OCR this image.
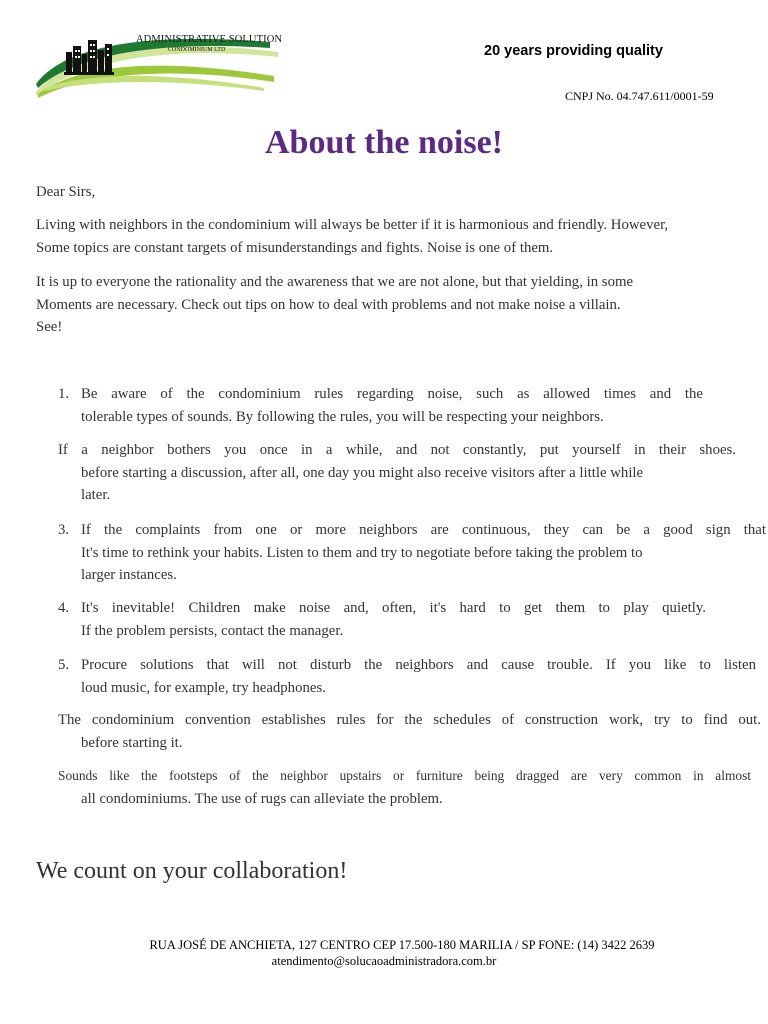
ADMINISTRATIVE SOLUTION
CONDOMINIUM LTD	20 years providing quality
CNPJ No. 04.747.611/0001-59
About the noise!
Dear Sirs,
Living with neighbors in the condominium will always be better if it is harmonious and friendly. However,
Some topics are constant targets of misunderstandings and fights. Noise is one of them.
It is up to everyone the rationality and the awareness that we are not alone, but that yielding, in some
Moments are necessary. Check out tips on how to deal with problems and not make noise a villain.
See!
1. Be aware of the condominium rules regarding noise, such as allowed times and the
tolerable types of sounds. By following the rules, you will be respecting your neighbors.
If a neighbor bothers you once in a while, and not constantly, put yourself in their shoes.
before starting a discussion, after all, one day you might also receive visitors after a little while
later.
3. If the complaints from one or more neighbors are continuous, they can be a good sign that
It's time to rethink your habits. Listen to them and try to negotiate before taking the problem to
larger instances.
4. It's inevitable! Children make noise and, often, it's hard to get them to play quietly.
If the problem persists, contact the manager.
5. Procure solutions that will not disturb the neighbors and cause trouble. If you like to listen
loud music, for example, try headphones.
The condominium convention establishes rules for the schedules of construction work, try to find out.
before starting it.
Sounds like the footsteps of the neighbor upstairs or furniture being dragged are very common in almost
all condominiums. The use of rugs can alleviate the problem.
We count on your collaboration!
RUA JOSÉ DE ANCHIETA, 127 CENTRO CEP 17.500-180 MARILIA / SP FONE: (14) 3422 2639
atendimento@solucaoadministradora.com.br
